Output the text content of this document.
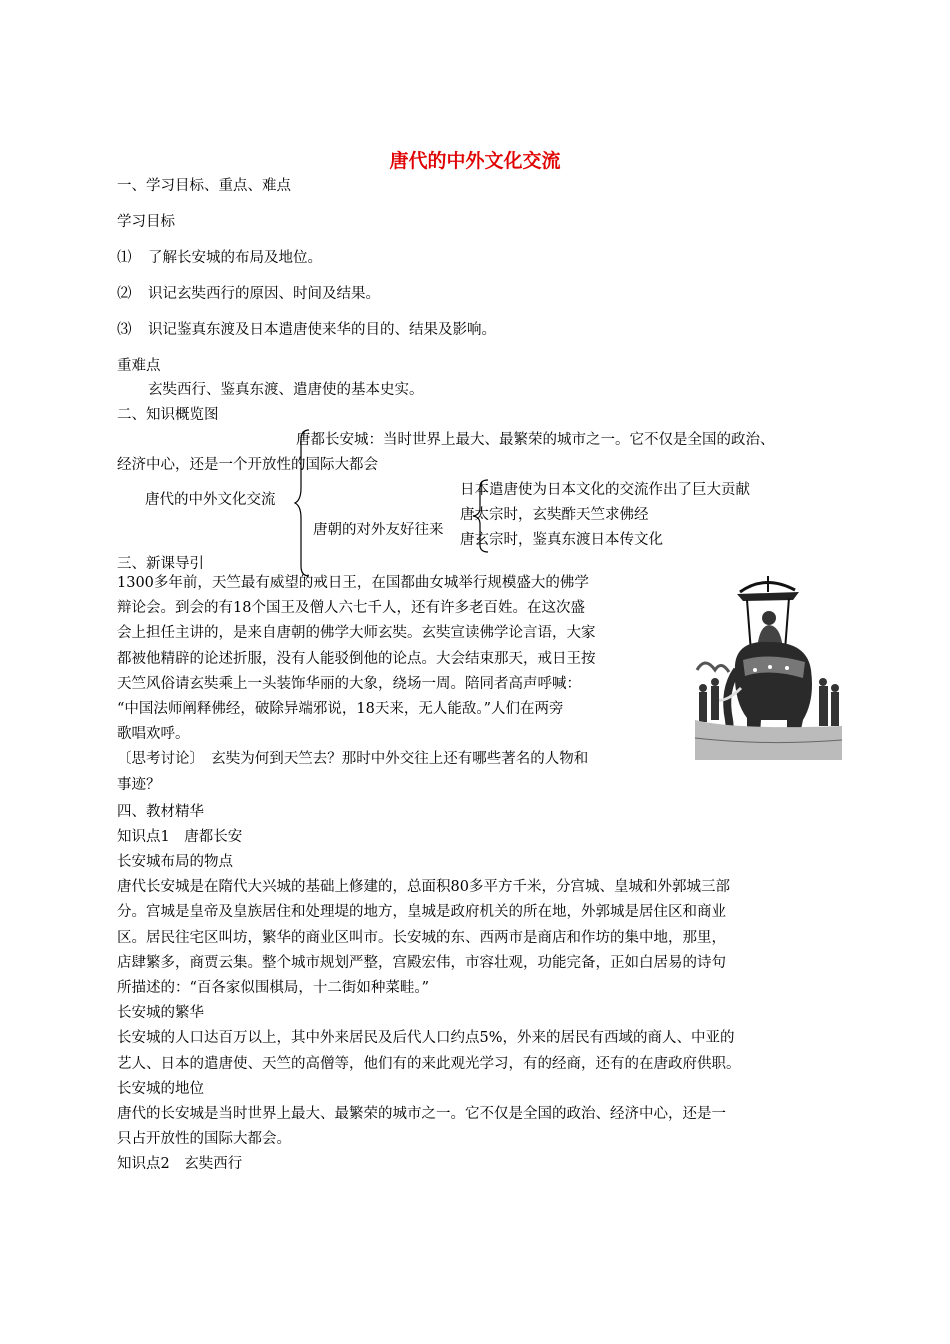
唐代的中外文化交流
一、学习目标、重点、难点
学习目标
⑴ 了解长安城的布局及地位。
⑵ 识记玄奘西行的原因、时间及结果。
⑶ 识记鉴真东渡及日本遣唐使来华的目的、结果及影响。
重难点
玄奘西行、鉴真东渡、遣唐使的基本史实。
二、知识概览图
唐都长安城：当时世界上最大、最繁荣的城市之一。它不仅是全国的政治、
经济中心，还是一个开放性的国际大都会
唐代的中外文化交流
唐朝的对外友好往来
日本遣唐使为日本文化的交流作出了巨大贡献
唐太宗时，玄奘酢天竺求佛经
唐玄宗时，鉴真东渡日本传文化
三、新课导引
1300多年前，天竺最有威望的戒日王，在国都曲女城举行规模盛大的佛学
辩论会。到会的有18个国王及僧人六七千人，还有许多老百姓。在这次盛
会上担任主讲的，是来自唐朝的佛学大师玄奘。玄奘宣读佛学论言语，大家
都被他精辟的论述折服，没有人能驳倒他的论点。大会结束那天，戒日王按
天竺风俗请玄奘乘上一头装饰华丽的大象，绕场一周。陪同者高声呼喊：
“中国法师阐释佛经，破除异端邪说，18天来，无人能敌。”人们在两旁
歌唱欢呼。
〔思考讨论〕　玄奘为何到天竺去？那时中外交往上还有哪些著名的人物和
事迹？
四、教材精华
知识点1　唐都长安
长安城布局的物点
唐代长安城是在隋代大兴城的基础上修建的，总面积80多平方千米，分宫城、皇城和外郭城三部
分。宫城是皇帝及皇族居住和处理堤的地方，皇城是政府机关的所在地，外郭城是居住区和商业
区。居民往宅区叫坊，繁华的商业区叫市。长安城的东、西两市是商店和作坊的集中地，那里，
店肆繁多，商贾云集。整个城市规划严整，宫殿宏伟，市容壮观，功能完备，正如白居易的诗句
所描述的：“百各家似围棋局，十二街如种菜畦。”
长安城的繁华
长安城的人口达百万以上，其中外来居民及后代人口约点5%，外来的居民有西域的商人、中亚的
艺人、日本的遣唐使、天竺的高僧等，他们有的来此观光学习，有的经商，还有的在唐政府供职。
长安城的地位
唐代的长安城是当时世界上最大、最繁荣的城市之一。它不仅是全国的政治、经济中心，还是一
只占开放性的国际大都会。
知识点2　玄奘西行
